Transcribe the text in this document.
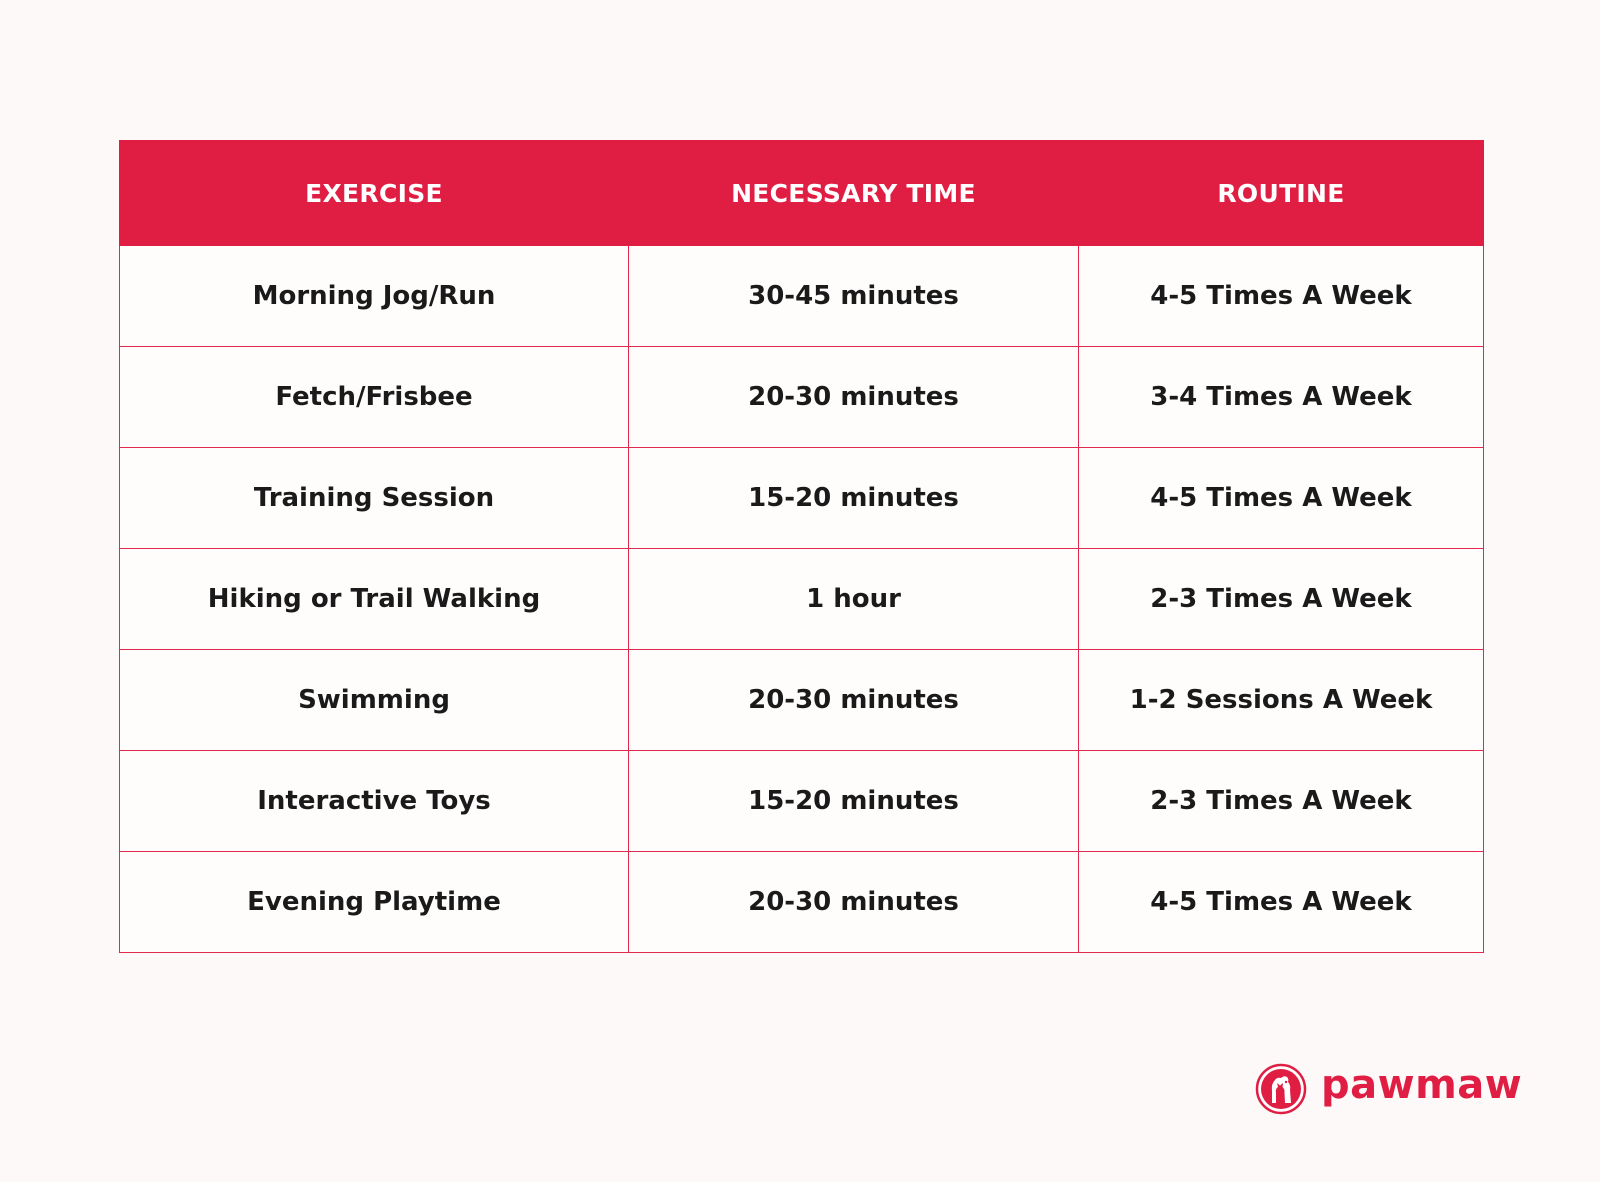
EXERCISE	NECESSARY TIME	ROUTINE
Morning Jog/Run	30-45 minutes	4-5 Times A Week
Fetch/Frisbee	20-30 minutes	3-4 Times A Week
Training Session	15-20 minutes	4-5 Times A Week
Hiking or Trail Walking	1 hour	2-3 Times A Week
Swimming	20-30 minutes	1-2 Sessions A Week
Interactive Toys	15-20 minutes	2-3 Times A Week
Evening Playtime	20-30 minutes	4-5 Times A Week
pawmaw
